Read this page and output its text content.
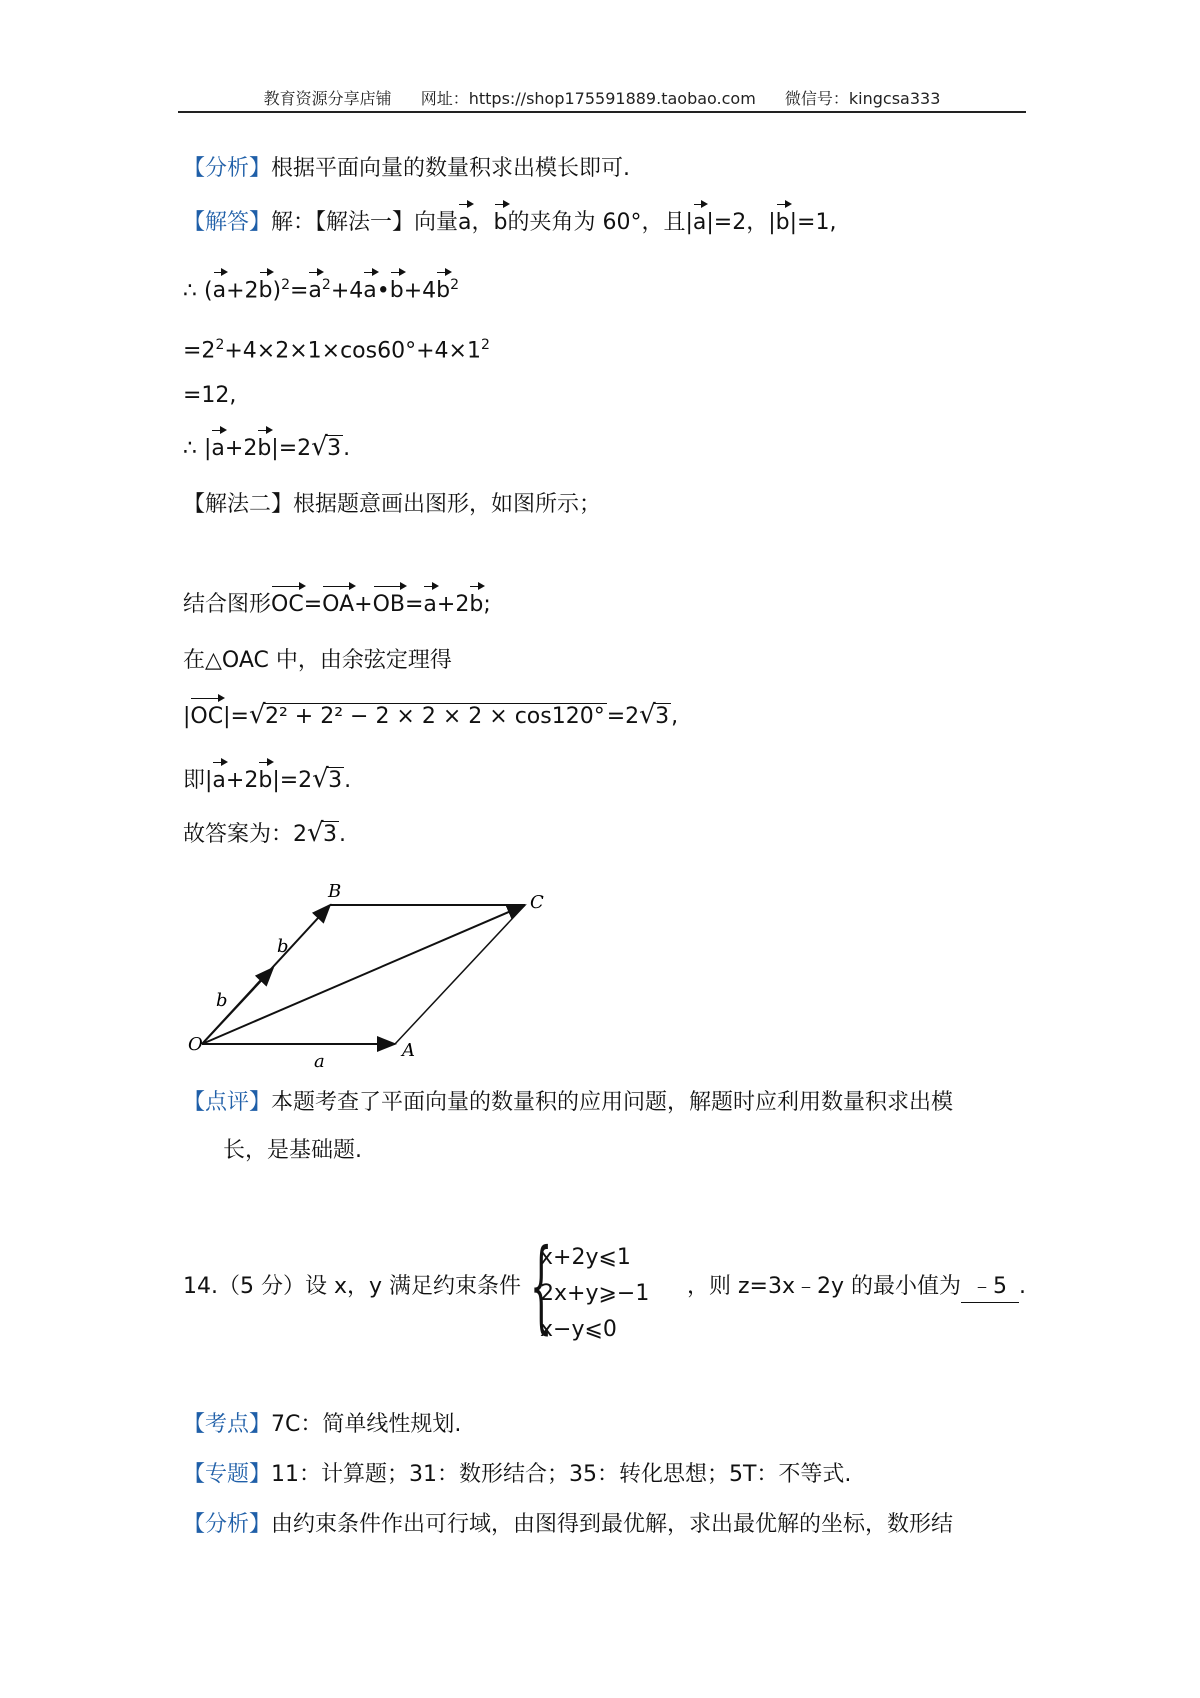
教育资源分享店铺 网址：https://shop175591889.taobao.com 微信号：kingcsa333
【分析】根据平面向量的数量积求出模长即可.
【解答】解：【解法一】向量a，b的夹角为 60°，且|a|=2，|b|=1,
∴ $(a+2b)^2=a^2+4a•b+4b^2$
$=2^2+4\times 2\times 1\times\cos 60^\circ+4\times 1^2$
=12,
∴ |a+2b|=2 √ 3.
【解法二】根据题意画出图形，如图所示；
结合图形OC=OA+OB=a+2b;
在△OAC 中，由余弦定理得
|OC|= √ 2² + 2² − 2 × 2 × 2 × cos120°=2 √ 3,
即|a+2b|=2 √ 3.
故答案为：2 √ 3.
O	A
B
C
a
b
b
【点评】本题考查了平面向量的数量积的应用问题，解题时应利用数量积求出模
长，是基础题.
14.（5 分）设 x，y 满足约束条件	，则 z=3x﹣2y 的最小值为 ﹣5 .
{
x+2y⩽1
2x+y⩾−1
x−y⩽0
【考点】7C：简单线性规划.
【专题】11：计算题；31：数形结合；35：转化思想；5T：不等式.
【分析】由约束条件作出可行域，由图得到最优解，求出最优解的坐标，数形结
